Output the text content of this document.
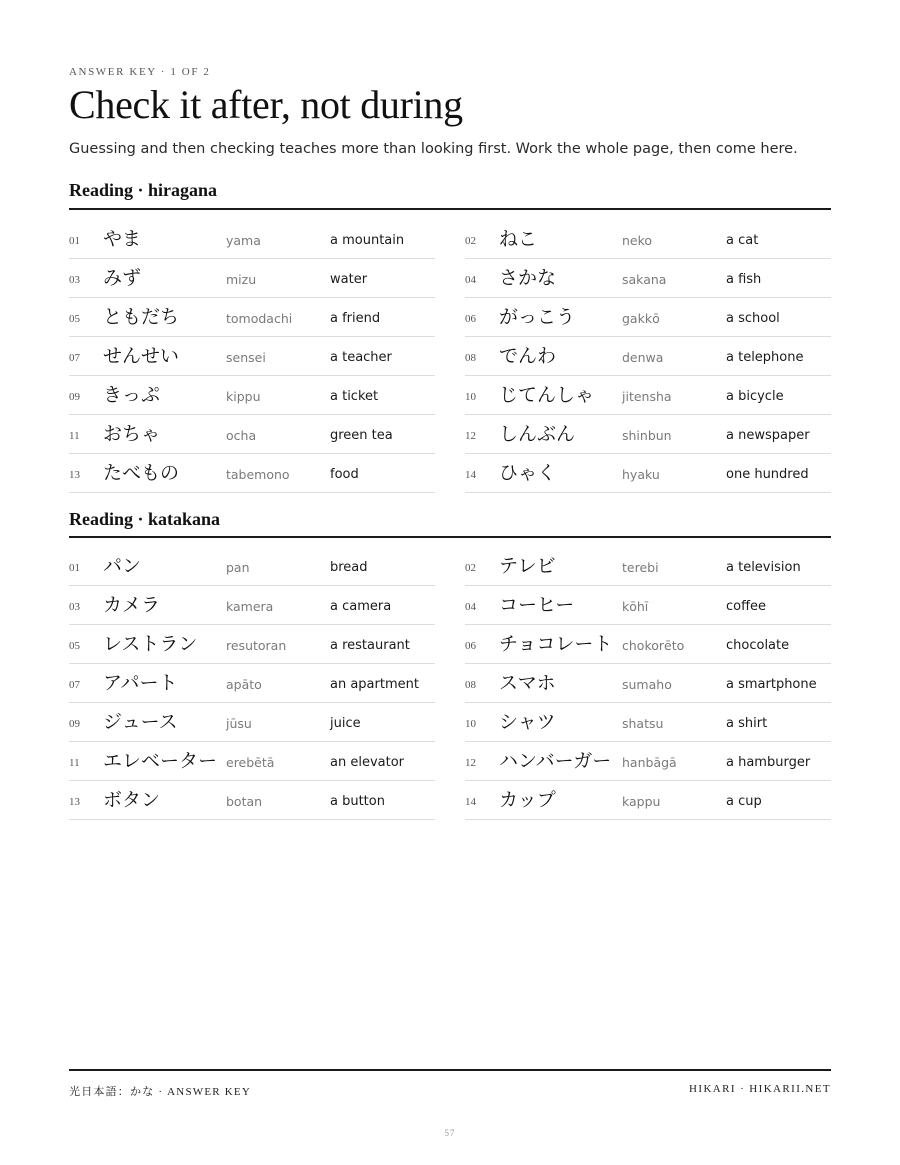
ANSWER KEY · 1 OF 2
Check it after, not during

Guessing and then checking teaches more than looking first. Work the whole page, then come here.

Reading · hiragana
01	やま	yama	a mountain	02	ねこ	neko	a cat
03	みず	mizu	water	04	さかな	sakana	a fish
05	ともだち	tomodachi	a friend	06	がっこう	gakkō	a school
07	せんせい	sensei	a teacher	08	でんわ	denwa	a telephone
09	きっぷ	kippu	a ticket	10	じてんしゃ	jitensha	a bicycle
11	おちゃ	ocha	green tea	12	しんぶん	shinbun	a newspaper
13	たべもの	tabemono	food	14	ひゃく	hyaku	one hundred
Reading · katakana
01	パン	pan	bread	02	テレビ	terebi	a television
03	カメラ	kamera	a camera	04	コーヒー	kōhī	coffee
05	レストラン	resutoran	a restaurant	06	チョコレート chokorēto	chocolate
07	アパート	apāto	an apartment	08	スマホ	sumaho	a smartphone
09	ジュース	jūsu	juice	10	シャツ	shatsu	a shirt
11	エレベーター erebētā	an elevator	12	ハンバーガー hanbāgā	a hamburger
13	ボタン	botan	a button	14	カップ	kappu	a cup
光日本語：かな · ANSWER KEY	HIKARI · HIKARII.NET
57
